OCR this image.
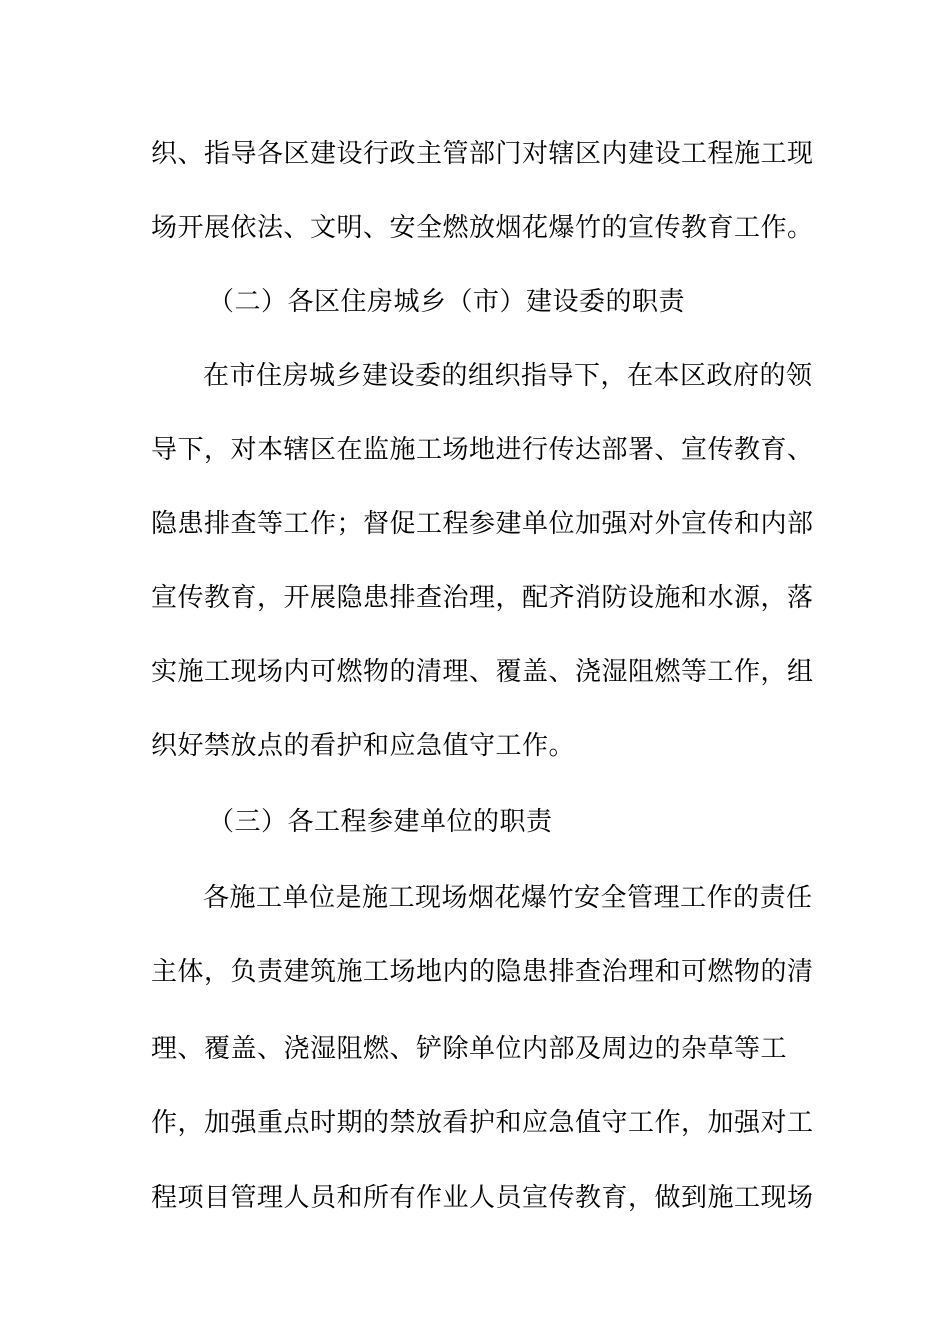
织、指导各区建设行政主管部门对辖区内建设工程施工现
场开展依法、文明、安全燃放烟花爆竹的宣传教育工作。
（二）各区住房城乡（市）建设委的职责
在市住房城乡建设委的组织指导下，在本区政府的领
导下，对本辖区在监施工场地进行传达部署、宣传教育、
隐患排查等工作；督促工程参建单位加强对外宣传和内部
宣传教育，开展隐患排查治理，配齐消防设施和水源，落
实施工现场内可燃物的清理、覆盖、浇湿阻燃等工作，组
织好禁放点的看护和应急值守工作。
（三）各工程参建单位的职责
各施工单位是施工现场烟花爆竹安全管理工作的责任
主体，负责建筑施工场地内的隐患排查治理和可燃物的清
理、覆盖、浇湿阻燃、铲除单位内部及周边的杂草等工
作，加强重点时期的禁放看护和应急值守工作，加强对工
程项目管理人员和所有作业人员宣传教育，做到施工现场
